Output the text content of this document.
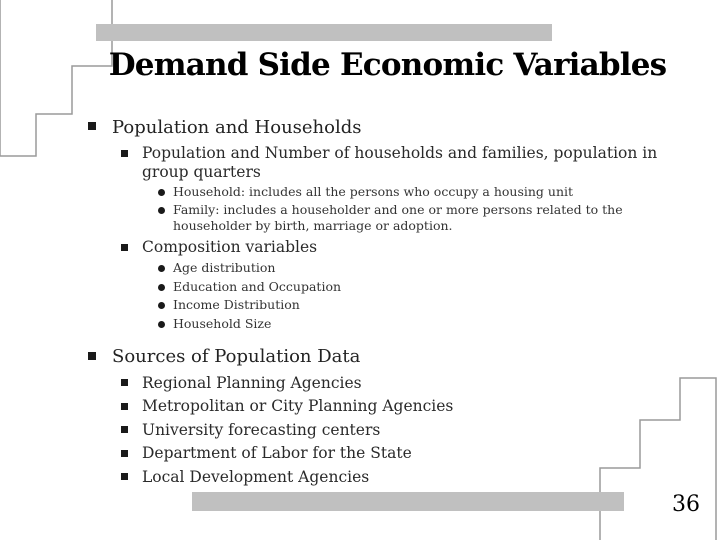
Demand Side Economic Variables
Population and Households
Population and Number of households and families, population in
group quarters
Household: includes all the persons who occupy a housing unit
Family: includes a householder and one or more persons related to the
householder by birth, marriage or adoption.
Composition variables
Age distribution
Education and Occupation
Income Distribution
Household Size
Sources of Population Data
Regional Planning Agencies
Metropolitan or City Planning Agencies
University forecasting centers
Department of Labor for the State
Local Development Agencies
36
